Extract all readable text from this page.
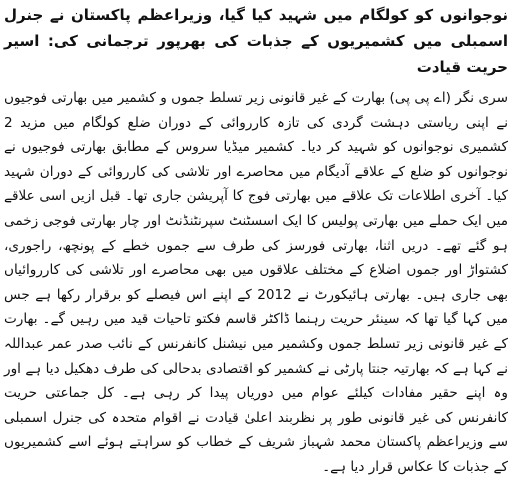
نوجوانوں کو کولگام میں شہید کیا گیا، وزیراعظم پاکستان نے جنرل اسمبلی میں کشمیریوں کے جذبات کی بھرپور ترجمانی کی: اسیر حریت قیادت

سری نگر (اے پی پی) بھارت کے غیر قانونی زیر تسلط جموں و کشمیر میں بھارتی فوجیوں نے اپنی ریاستی دہشت گردی کی تازہ کارروائی کے دوران ضلع کولگام میں مزید 2 کشمیری نوجوانوں کو شہید کر دیا۔ کشمیر میڈیا سروس کے مطابق بھارتی فوجیوں نے نوجوانوں کو ضلع کے علاقے آدیگام میں محاصرے اور تلاشی کی کارروائی کے دوران شہید کیا۔ آخری اطلاعات تک علاقے میں بھارتی فوج کا آپریشن جاری تھا۔ قبل ازیں اسی علاقے میں ایک حملے میں بھارتی پولیس کا ایک اسسٹنٹ سپرنٹنڈنٹ اور چار بھارتی فوجی زخمی ہو گئے تھے۔ دریں اثنا، بھارتی فورسز کی طرف سے جموں خطے کے پونچھ، راجوری، کشتواڑ اور جموں اضلاع کے مختلف علاقوں میں بھی محاصرے اور تلاشی کی کارروائیاں بھی جاری ہیں۔ بھارتی ہائیکورٹ نے 2012 کے اپنے اس فیصلے کو برقرار رکھا ہے جس میں کہا گیا تھا کہ سینئر حریت رہنما ڈاکٹر قاسم فکتو تاحیات قید میں رہیں گے۔ بھارت کے غیر قانونی زیر تسلط جموں وکشمیر میں نیشنل کانفرنس کے نائب صدر عمر عبداللہ نے کہا ہے کہ بھارتیہ جنتا پارٹی نے کشمیر کو اقتصادی بدحالی کی طرف دھکیل دیا ہے اور وہ اپنے حقیر مفادات کیلئے عوام میں دوریاں پیدا کر رہی ہے۔ کل جماعتی حریت کانفرنس کی غیر قانونی طور پر نظربند اعلیٰ قیادت نے اقوام متحدہ کی جنرل اسمبلی سے وزیراعظم پاکستان محمد شہباز شریف کے خطاب کو سراہتے ہوئے اسے کشمیریوں کے جذبات کا عکاس قرار دیا ہے۔
